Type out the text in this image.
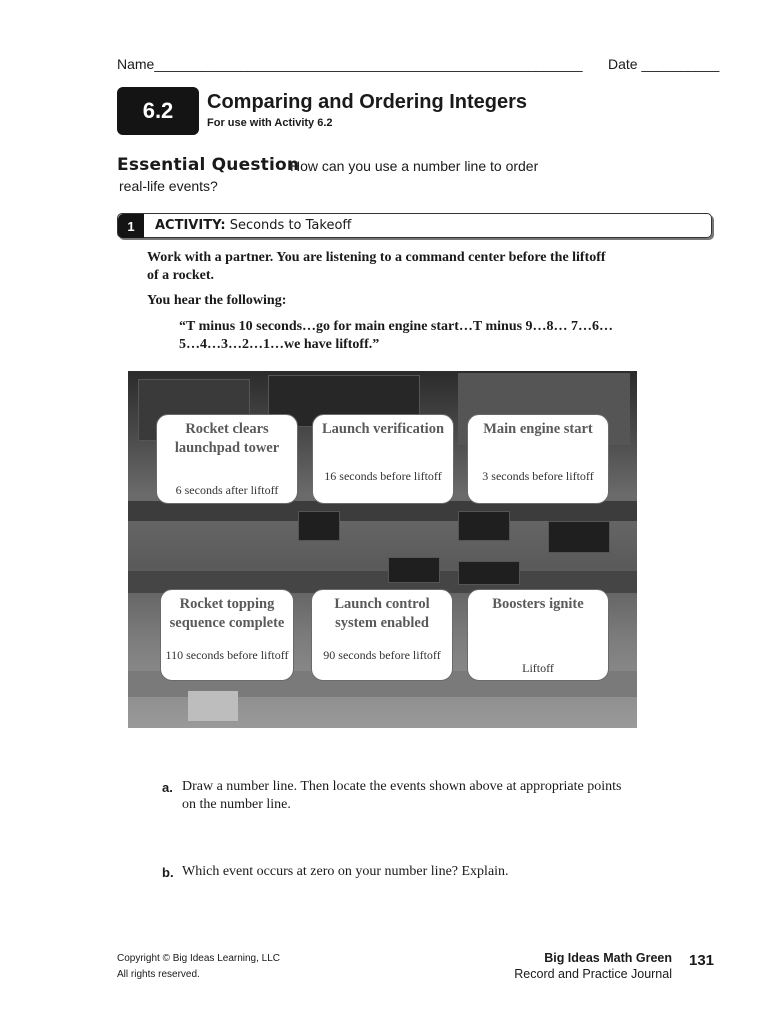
Name_______________________________________________________ Date __________
6.2	Comparing and Ordering Integers
For use with Activity 6.2
Essential Question
How can you use a number line to order
real-life events?
1	ACTIVITY: Seconds to Takeoff
Work with a partner. You are listening to a command center before the liftoff of a rocket.
You hear the following:
“T minus 10 seconds…go for main engine start…T minus 9…8… 7…6…5…4…3…2…1…we have liftoff.”
Rocket clears launchpad tower
6 seconds after liftoff
Launch verification
16 seconds before liftoff
Main engine start
3 seconds before liftoff
Rocket topping sequence complete
110 seconds before liftoff
Launch control system enabled
90 seconds before liftoff
Boosters ignite
Liftoff
a. Draw a number line. Then locate the events shown above at appropriate points on the number line.
b. Which event occurs at zero on your number line? Explain.
Copyright © Big Ideas Learning, LLC
All rights reserved.
Big Ideas Math Green
Record and Practice Journal
131
